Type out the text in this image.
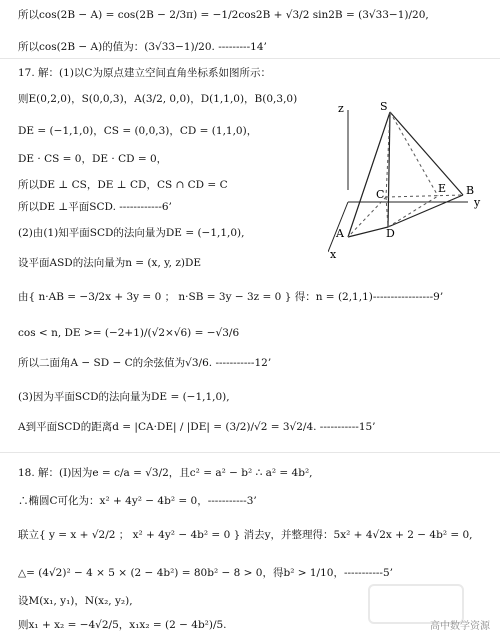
所以cos(2B − A) = cos(2B − 2/3π) = −1/2cos2B + √3/2 sin2B = (3√33−1)/20,
所以cos(2B − A)的值为：(3√33−1)/20. ---------14’
17. 解：(1)以C为原点建立空间直角坐标系如图所示：
则E(0,2,0)，S(0,0,3)，A(3/2, 0,0)，D(1,1,0)，B(0,3,0)
DE = (−1,1,0)，CS = (0,0,3)，CD = (1,1,0)，
DE · CS = 0，DE · CD = 0，
所以DE ⊥ CS，DE ⊥ CD，CS ∩ CD = C
所以DE ⊥平面SCD. ------------6’
(2)由(1)知平面SCD的法向量为DE = (−1,1,0),
设平面ASD的法向量为n = (x, y, z)DE
由{ n·AB = −3/2x + 3y = 0 ； n·SB = 3y − 3z = 0 } 得：n = (2,1,1)-----------------9’
cos < n, DE >= (−2+1)/(√2×√6) = −√3/6
所以二面角A − SD − C的余弦值为√3/6. -----------12’
(3)因为平面SCD的法向量为DE = (−1,1,0),
A到平面SCD的距离d = |CA·DE| / |DE| = (3/2)/√2 = 3√2/4. -----------15’
18. 解：(Ⅰ)因为e = c/a = √3/2，且c² = a² − b² ∴ a² = 4b²,
∴椭圆C可化为：x² + 4y² − 4b² = 0，-----------3’
联立{ y = x + √2/2 ； x² + 4y² − 4b² = 0 } 消去y，并整理得：5x² + 4√2x + 2 − 4b² = 0,
△= (4√2)² − 4 × 5 × (2 − 4b²) = 80b² − 8 > 0，得b² > 1/10，-----------5’
设M(x₁, y₁)，N(x₂, y₂),
则x₁ + x₂ = −4√2/5，x₁x₂ = (2 − 4b²)/5.
S
C	E B
A	D
x
y
z
高中数学资源
